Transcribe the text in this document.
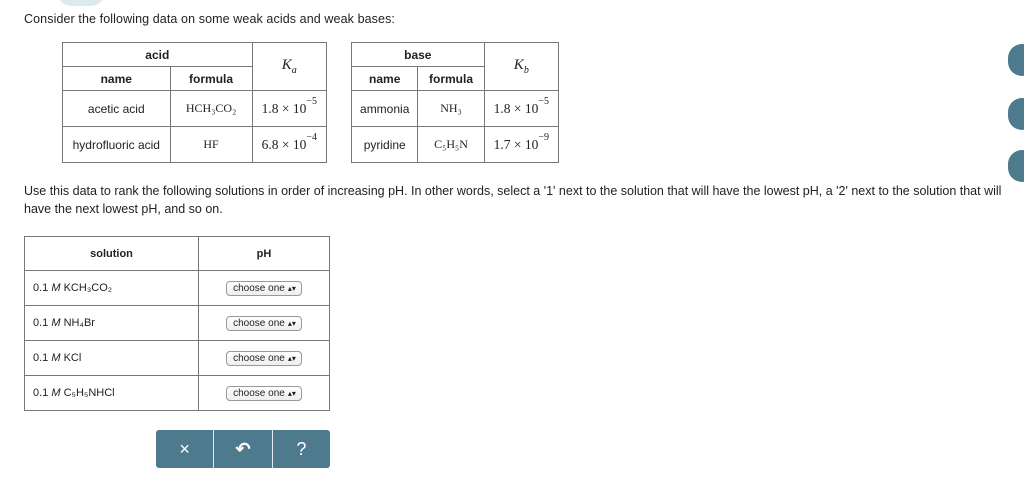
Consider the following data on some weak acids and weak bases:
acid		$K_a$
name	formula	
acetic acid	HCH₃CO₂	$1.8 \times 10^{-5}$
hydrofluoric acid	HF	$6.8 \times 10^{-4}$
base		$K_b$
name	formula	
ammonia	NH₃	$1.8 \times 10^{-5}$
pyridine	C₅H₅N	$1.7 \times 10^{-9}$
Use this data to rank the following solutions in order of increasing pH. In other words, select a '1' next to the solution that will have the lowest pH, a '2' next to the solution that will have the next lowest pH, and so on.
solution	pH
0.1 M KCH₃CO₂	choose one ▴▾
0.1 M NH₄Br	choose one ▴▾
0.1 M KCl	choose one ▴▾
0.1 M C₅H₅NHCl	choose one ▴▾
×	↶	?
